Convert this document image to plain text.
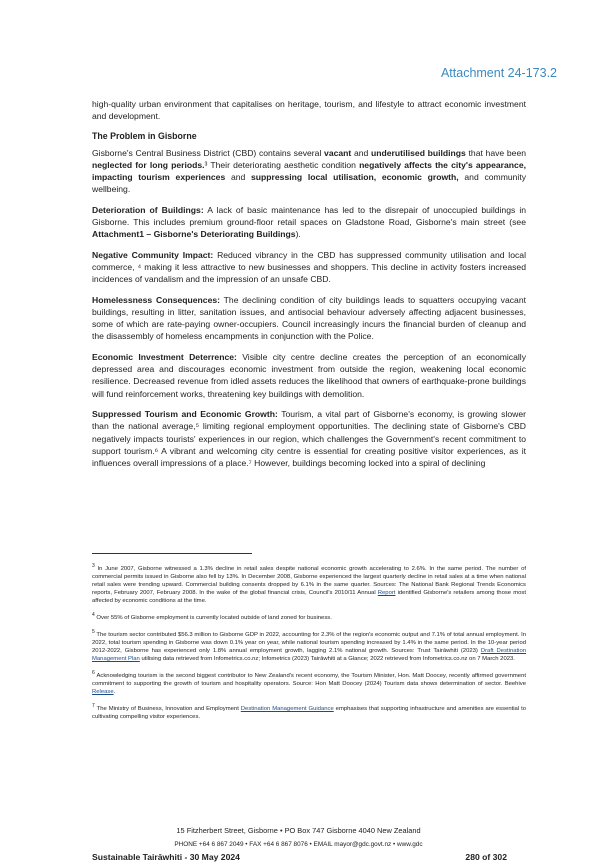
Attachment 24-173.2

high-quality urban environment that capitalises on heritage, tourism, and lifestyle to attract economic investment and development.

The Problem in Gisborne

Gisborne's Central Business District (CBD) contains several vacant and underutilised buildings that have been neglected for long periods.³ Their deteriorating aesthetic condition negatively affects the city's appearance, impacting tourism experiences and suppressing local utilisation, economic growth, and community wellbeing.

Deterioration of Buildings: A lack of basic maintenance has led to the disrepair of unoccupied buildings in Gisborne. This includes premium ground-floor retail spaces on Gladstone Road, Gisborne's main street (see Attachment1 – Gisborne's Deteriorating Buildings).

Negative Community Impact: Reduced vibrancy in the CBD has suppressed community utilisation and local commerce, ⁴ making it less attractive to new businesses and shoppers. This decline in activity fosters increased incidences of vandalism and the impression of an unsafe CBD.

Homelessness Consequences: The declining condition of city buildings leads to squatters occupying vacant buildings, resulting in litter, sanitation issues, and antisocial behaviour adversely affecting adjacent businesses, some of which are rate-paying owner-occupiers. Council increasingly incurs the financial burden of cleanup and the disassembly of homeless encampments in conjunction with the Police.

Economic Investment Deterrence: Visible city centre decline creates the perception of an economically depressed area and discourages economic investment from outside the region, weakening local economic resilience. Decreased revenue from idled assets reduces the likelihood that owners of earthquake-prone buildings will fund reinforcement works, threatening key buildings with demolition.

Suppressed Tourism and Economic Growth: Tourism, a vital part of Gisborne's economy, is growing slower than the national average,⁵ limiting regional employment opportunities. The declining state of Gisborne's CBD negatively impacts tourists' experiences in our region, which challenges the Government's recent commitment to support tourism.⁶ A vibrant and welcoming city centre is essential for creating positive visitor experiences, as it influences overall impressions of a place.⁷ However, buildings becoming locked into a spiral of declining

$^3$ In June 2007, Gisborne witnessed a 1.3% decline in retail sales despite national economic growth accelerating to 2.6%. In the same period. The number of commercial permits issued in Gisborne also fell by 13%. In December 2008, Gisborne experienced the largest quarterly decline in retail sales at a time when national retail sales were trending upward. Commercial building consents dropped by 6.1% in the same quarter. Sources: The National Bank Regional Trends Economics reports, February 2007, February 2008. In the wake of the global financial crisis, Council's 2010/11 Annual Report identified Gisborne's retailers among those most affected by economic conditions at the time.

$^4$ Over 55% of Gisborne employment is currently located outside of land zoned for business.

$^5$ The tourism sector contributed $56.3 million to Gisborne GDP in 2022, accounting for 2.3% of the region's economic output and 7.1% of total annual employment. In 2022, total tourism spending in Gisborne was down 0.1% year on year, while national tourism spending increased by 1.4% in the same period. In the 10-year period 2012-2022, Gisborne has experienced only 1.8% annual employment growth, lagging 2.1% national growth. Sources: Trust Tairāwhiti (2023) Draft Destination Management Plan utilising data retrieved from Infometrics.co.nz; Infometrics (2023) Tairāwhiti at a Glance; 2022 retrieved from Infometrics.co.nz on 7 March 2023.

$^6$ Acknowledging tourism is the second biggest contributor to New Zealand's recent economy, the Tourism Minister, Hon. Matt Doocey, recently affirmed government commitment to supporting the growth of tourism and hospitality operators. Source: Hon Matt Doocey (2024) Tourism data shows determination of sector. Beehive Release.

$^7$ The Ministry of Business, Innovation and Employment Destination Management Guidance emphasises that supporting infrastructure and amenities are essential to cultivating compelling visitor experiences.

15 Fitzherbert Street, Gisborne • PO Box 747 Gisborne 4040 New Zealand
PHONE +64 6 867 2049 • FAX +64 6 867 8076 • EMAIL mayor@gdc.govt.nz • www.gdc
Sustainable Tairāwhiti - 30 May 2024	280 of 302
